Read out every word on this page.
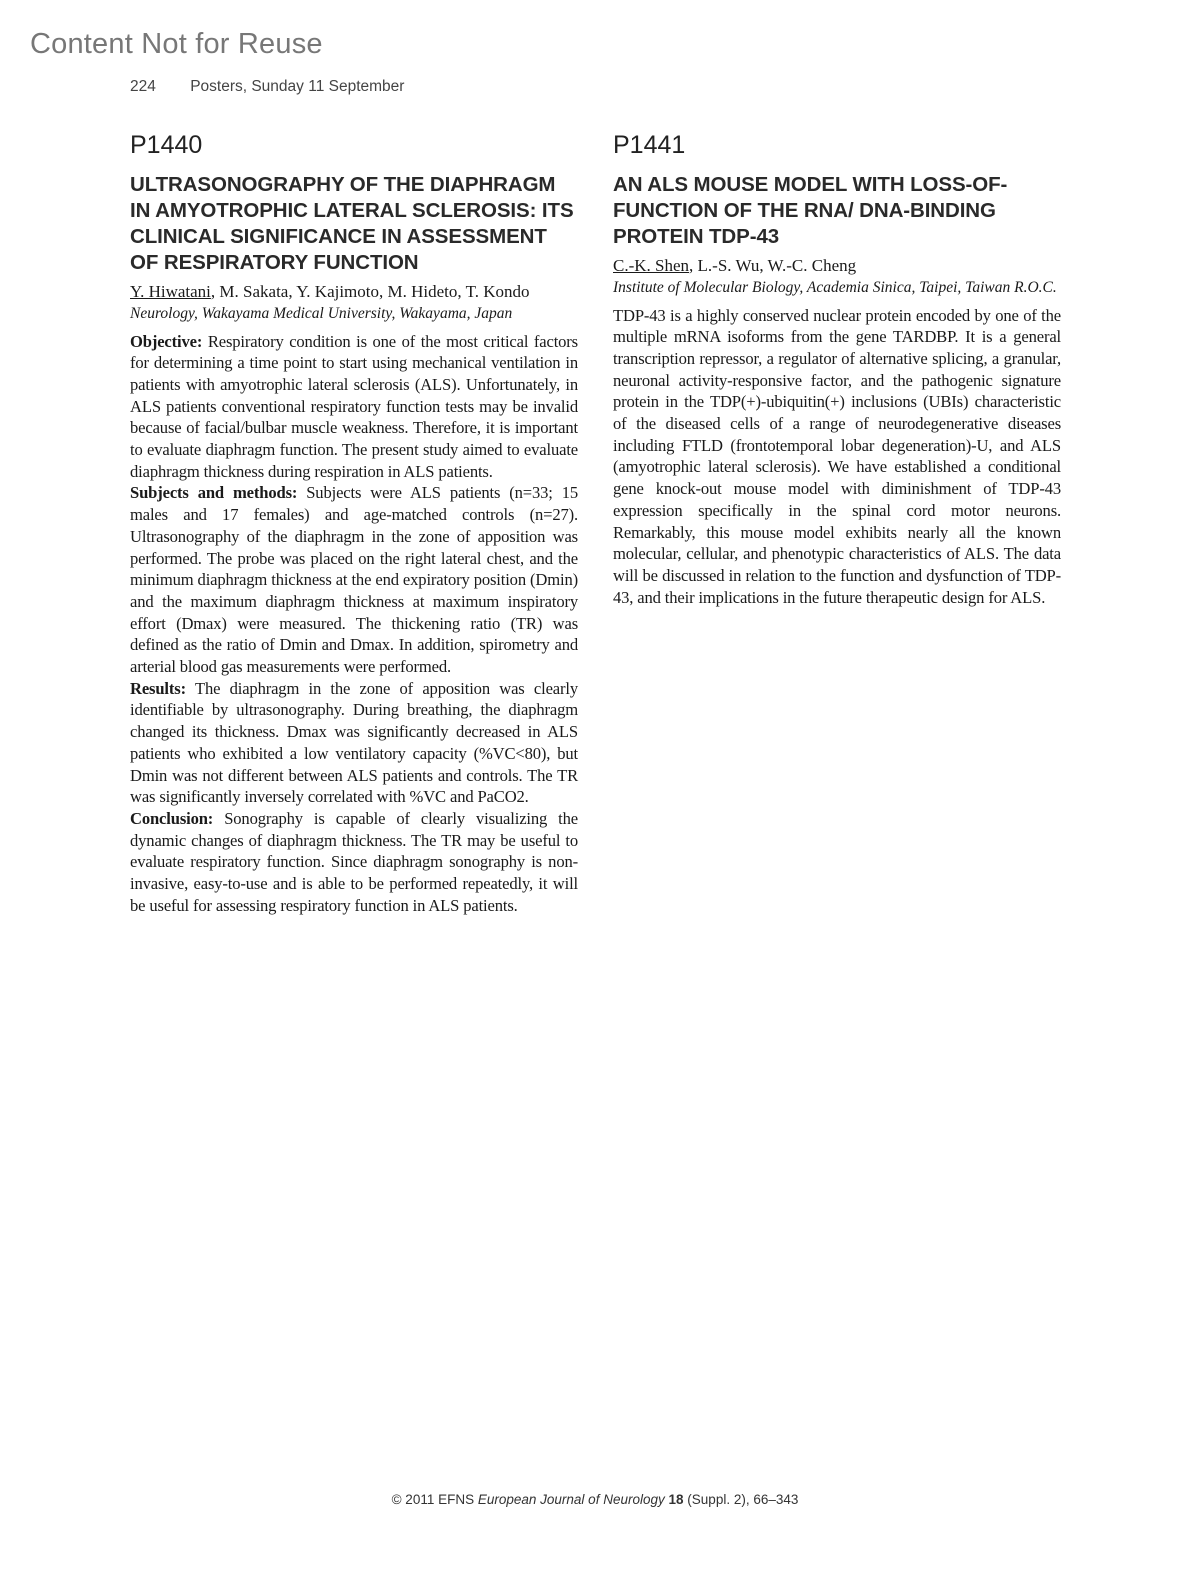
Content Not for Reuse
224 Posters, Sunday 11 September
P1440
ULTRASONOGRAPHY OF THE DIAPHRAGM IN AMYOTROPHIC LATERAL SCLEROSIS: ITS CLINICAL SIGNIFICANCE IN ASSESSMENT OF RESPIRATORY FUNCTION

Y. Hiwatani, M. Sakata, Y. Kajimoto, M. Hideto, T. Kondo

Neurology, Wakayama Medical University, Wakayama, Japan

Objective: Respiratory condition is one of the most critical factors for determining a time point to start using mechanical ventilation in patients with amyotrophic lateral sclerosis (ALS). Unfortunately, in ALS patients conventional respiratory function tests may be invalid because of facial/bulbar muscle weakness. Therefore, it is important to evaluate diaphragm function. The present study aimed to evaluate diaphragm thickness during respiration in ALS patients.

Subjects and methods: Subjects were ALS patients (n=33; 15 males and 17 females) and age-matched controls (n=27). Ultrasonography of the diaphragm in the zone of apposition was performed. The probe was placed on the right lateral chest, and the minimum diaphragm thickness at the end expiratory position (Dmin) and the maximum diaphragm thickness at maximum inspiratory effort (Dmax) were measured. The thickening ratio (TR) was defined as the ratio of Dmin and Dmax. In addition, spirometry and arterial blood gas measurements were performed.

Results: The diaphragm in the zone of apposition was clearly identifiable by ultrasonography. During breathing, the diaphragm changed its thickness. Dmax was significantly decreased in ALS patients who exhibited a low ventilatory capacity (%VC<80), but Dmin was not different between ALS patients and controls. The TR was significantly inversely correlated with %VC and PaCO2.

Conclusion: Sonography is capable of clearly visualizing the dynamic changes of diaphragm thickness. The TR may be useful to evaluate respiratory function. Since diaphragm sonography is non-invasive, easy-to-use and is able to be performed repeatedly, it will be useful for assessing respiratory function in ALS patients.

P1441
AN ALS MOUSE MODEL WITH LOSS-OF-FUNCTION OF THE RNA/ DNA-BINDING PROTEIN TDP-43

C.-K. Shen, L.-S. Wu, W.-C. Cheng

Institute of Molecular Biology, Academia Sinica, Taipei, Taiwan R.O.C.

TDP-43 is a highly conserved nuclear protein encoded by one of the multiple mRNA isoforms from the gene TARDBP. It is a general transcription repressor, a regulator of alternative splicing, a granular, neuronal activity-responsive factor, and the pathogenic signature protein in the TDP(+)-ubiquitin(+) inclusions (UBIs) characteristic of the diseased cells of a range of neurodegenerative diseases including FTLD (frontotemporal lobar degeneration)-U, and ALS (amyotrophic lateral sclerosis). We have established a conditional gene knock-out mouse model with diminishment of TDP-43 expression specifically in the spinal cord motor neurons. Remarkably, this mouse model exhibits nearly all the known molecular, cellular, and phenotypic characteristics of ALS. The data will be discussed in relation to the function and dysfunction of TDP-43, and their implications in the future therapeutic design for ALS.

© 2011 EFNS European Journal of Neurology 18 (Suppl. 2), 66–343
